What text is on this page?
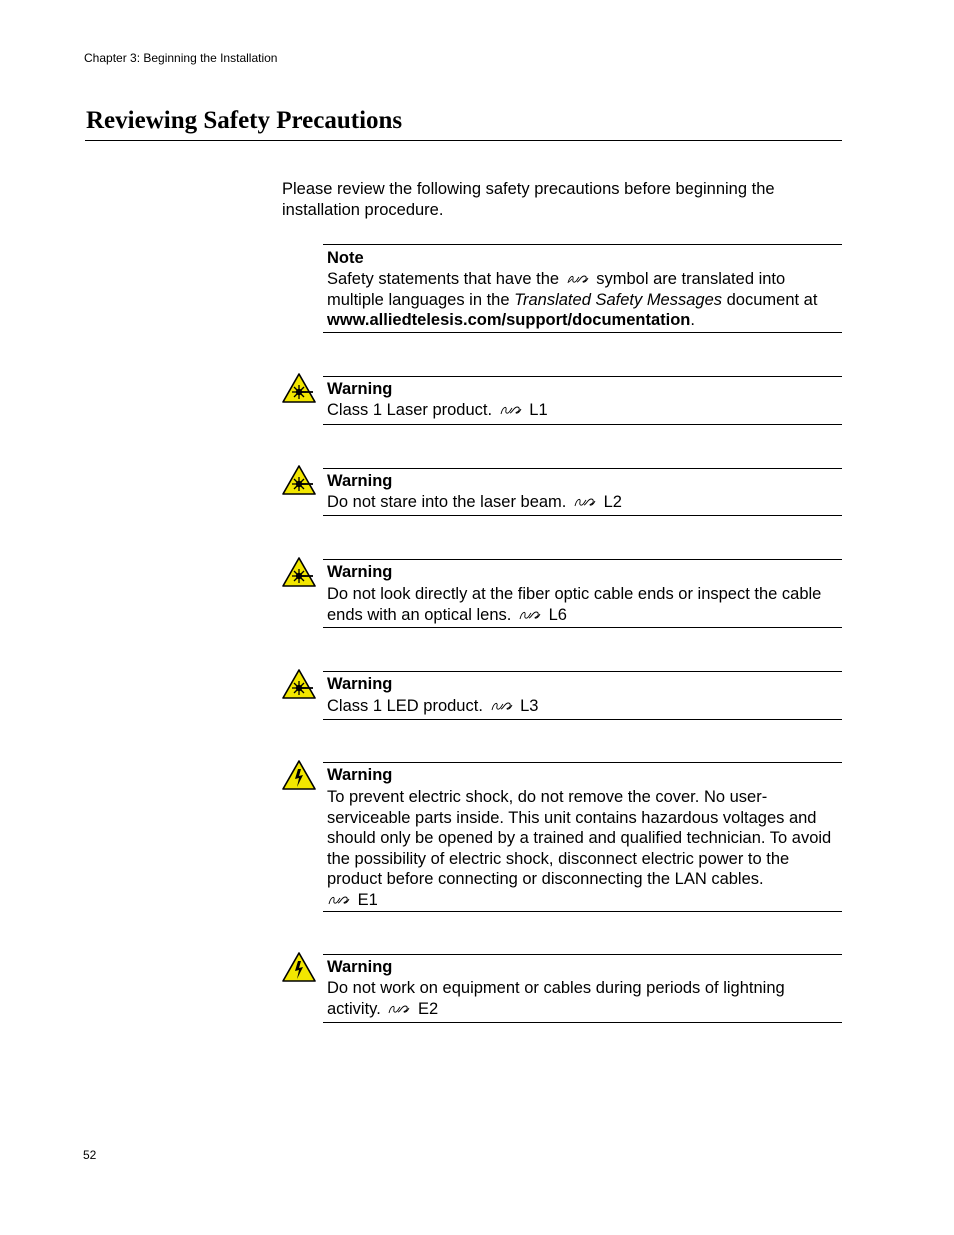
Chapter 3: Beginning the Installation
Reviewing Safety Precautions

Please review the following safety precautions before beginning the installation procedure.

Note
Safety statements that have the symbol are translated into multiple languages in the Translated Safety Messages document at www.alliedtelesis.com/support/documentation.
Warning
Class 1 Laser product. L1
Warning
Do not stare into the laser beam. L2
Warning
Do not look directly at the fiber optic cable ends or inspect the cable
ends with an optical lens. L6
Warning
Class 1 LED product. L3
Warning
To prevent electric shock, do not remove the cover. No user-serviceable parts inside. This unit contains hazardous voltages and should only be opened by a trained and qualified technician. To avoid the possibility of electric shock, disconnect electric power to the product before connecting or disconnecting the LAN cables.

E1
Warning
Do not work on equipment or cables during periods of lightning activity. E2
52
